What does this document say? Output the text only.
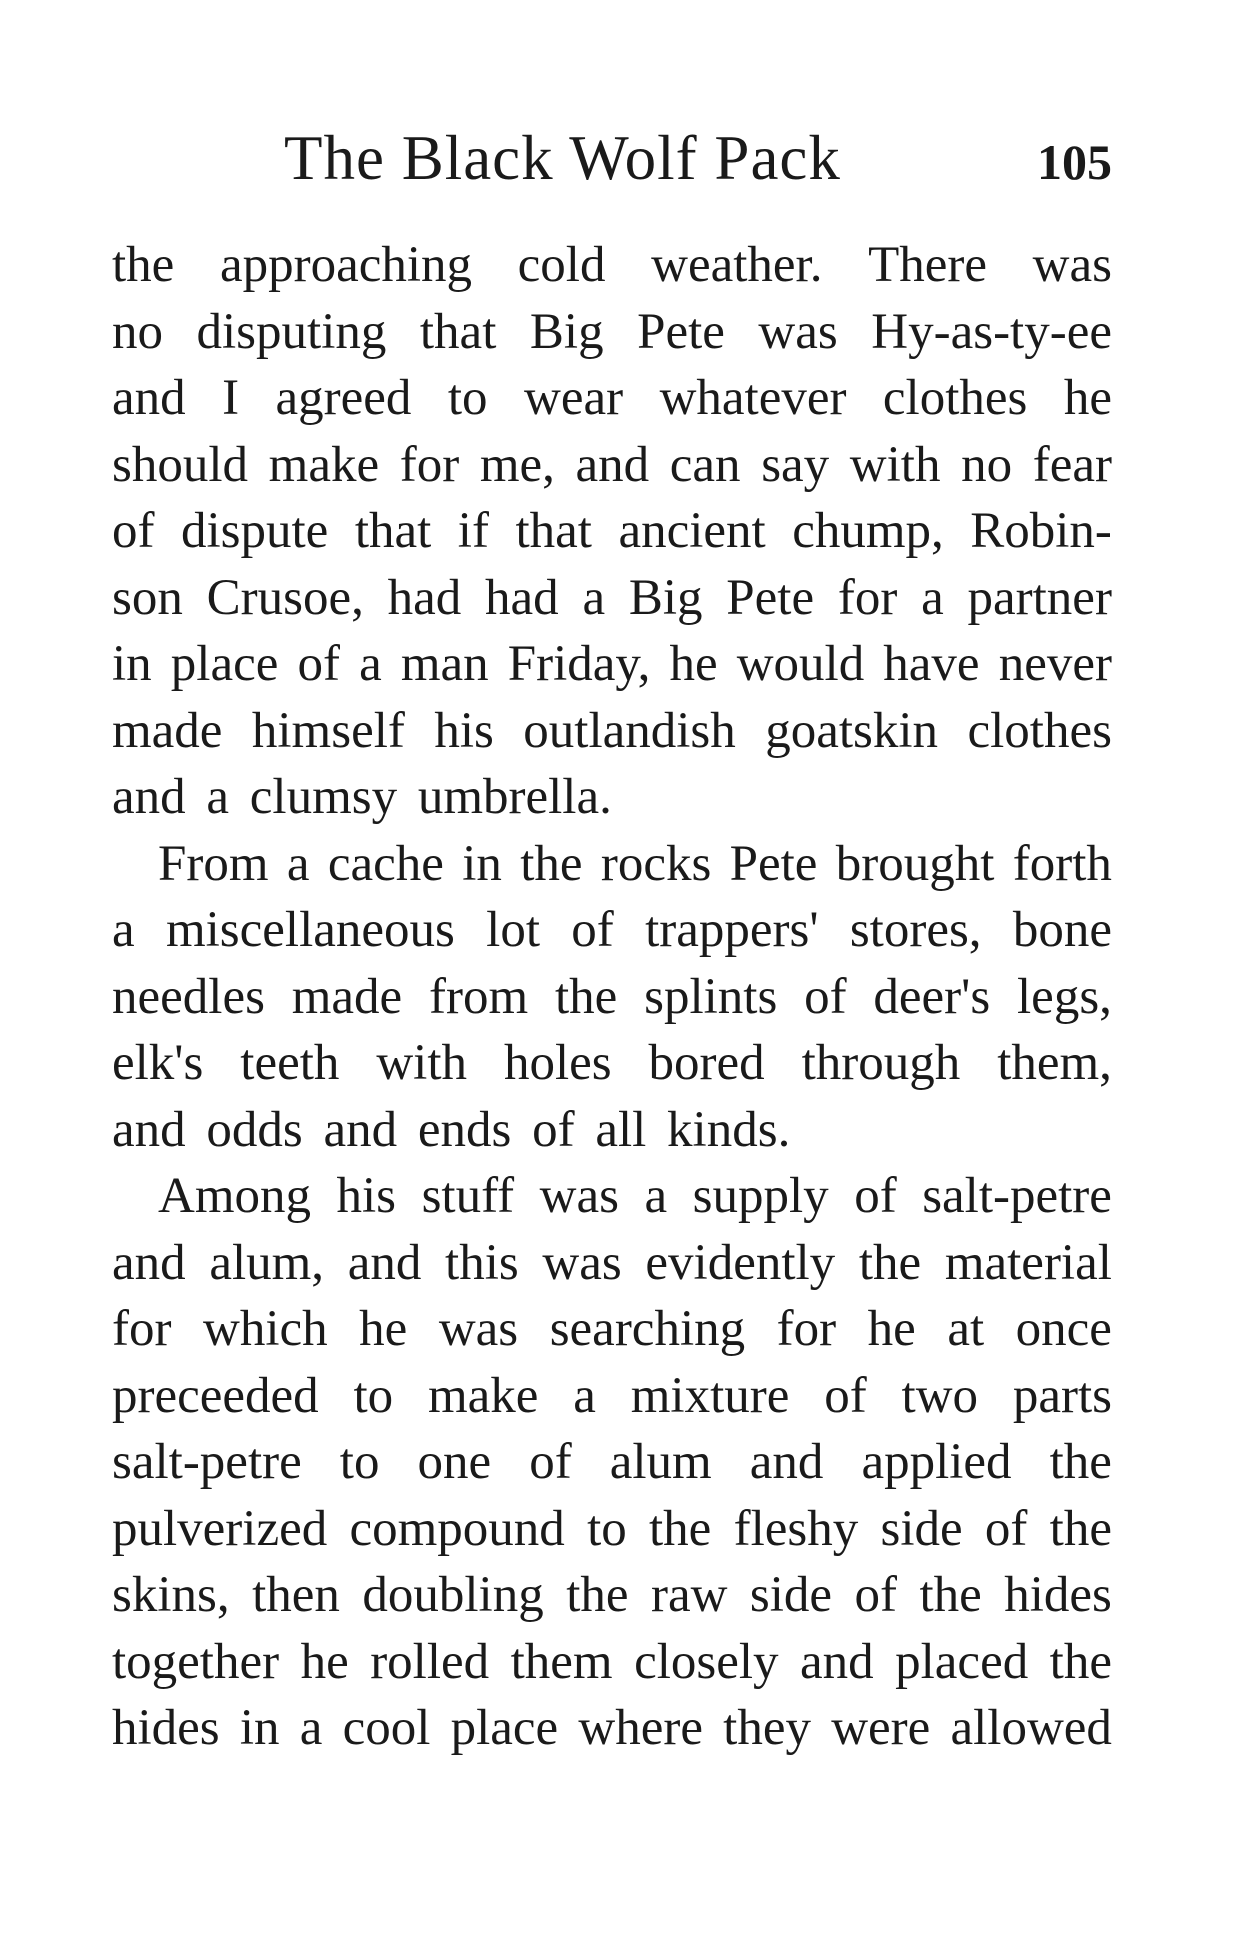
The Black Wolf Pack	105
the approaching cold weather. There was
no disputing that Big Pete was Hy-as-ty-ee
and I agreed to wear whatever clothes he
should make for me, and can say with no fear
of dispute that if that ancient chump, Robin-
son Crusoe, had had a Big Pete for a partner
in place of a man Friday, he would have never
made himself his outlandish goatskin clothes
and a clumsy umbrella.
From a cache in the rocks Pete brought forth
a miscellaneous lot of trappers' stores, bone
needles made from the splints of deer's legs,
elk's teeth with holes bored through them,
and odds and ends of all kinds.
Among his stuff was a supply of salt-petre
and alum, and this was evidently the material
for which he was searching for he at once
preceeded to make a mixture of two parts
salt-petre to one of alum and applied the
pulverized compound to the fleshy side of the
skins, then doubling the raw side of the hides
together he rolled them closely and placed the
hides in a cool place where they were allowed
